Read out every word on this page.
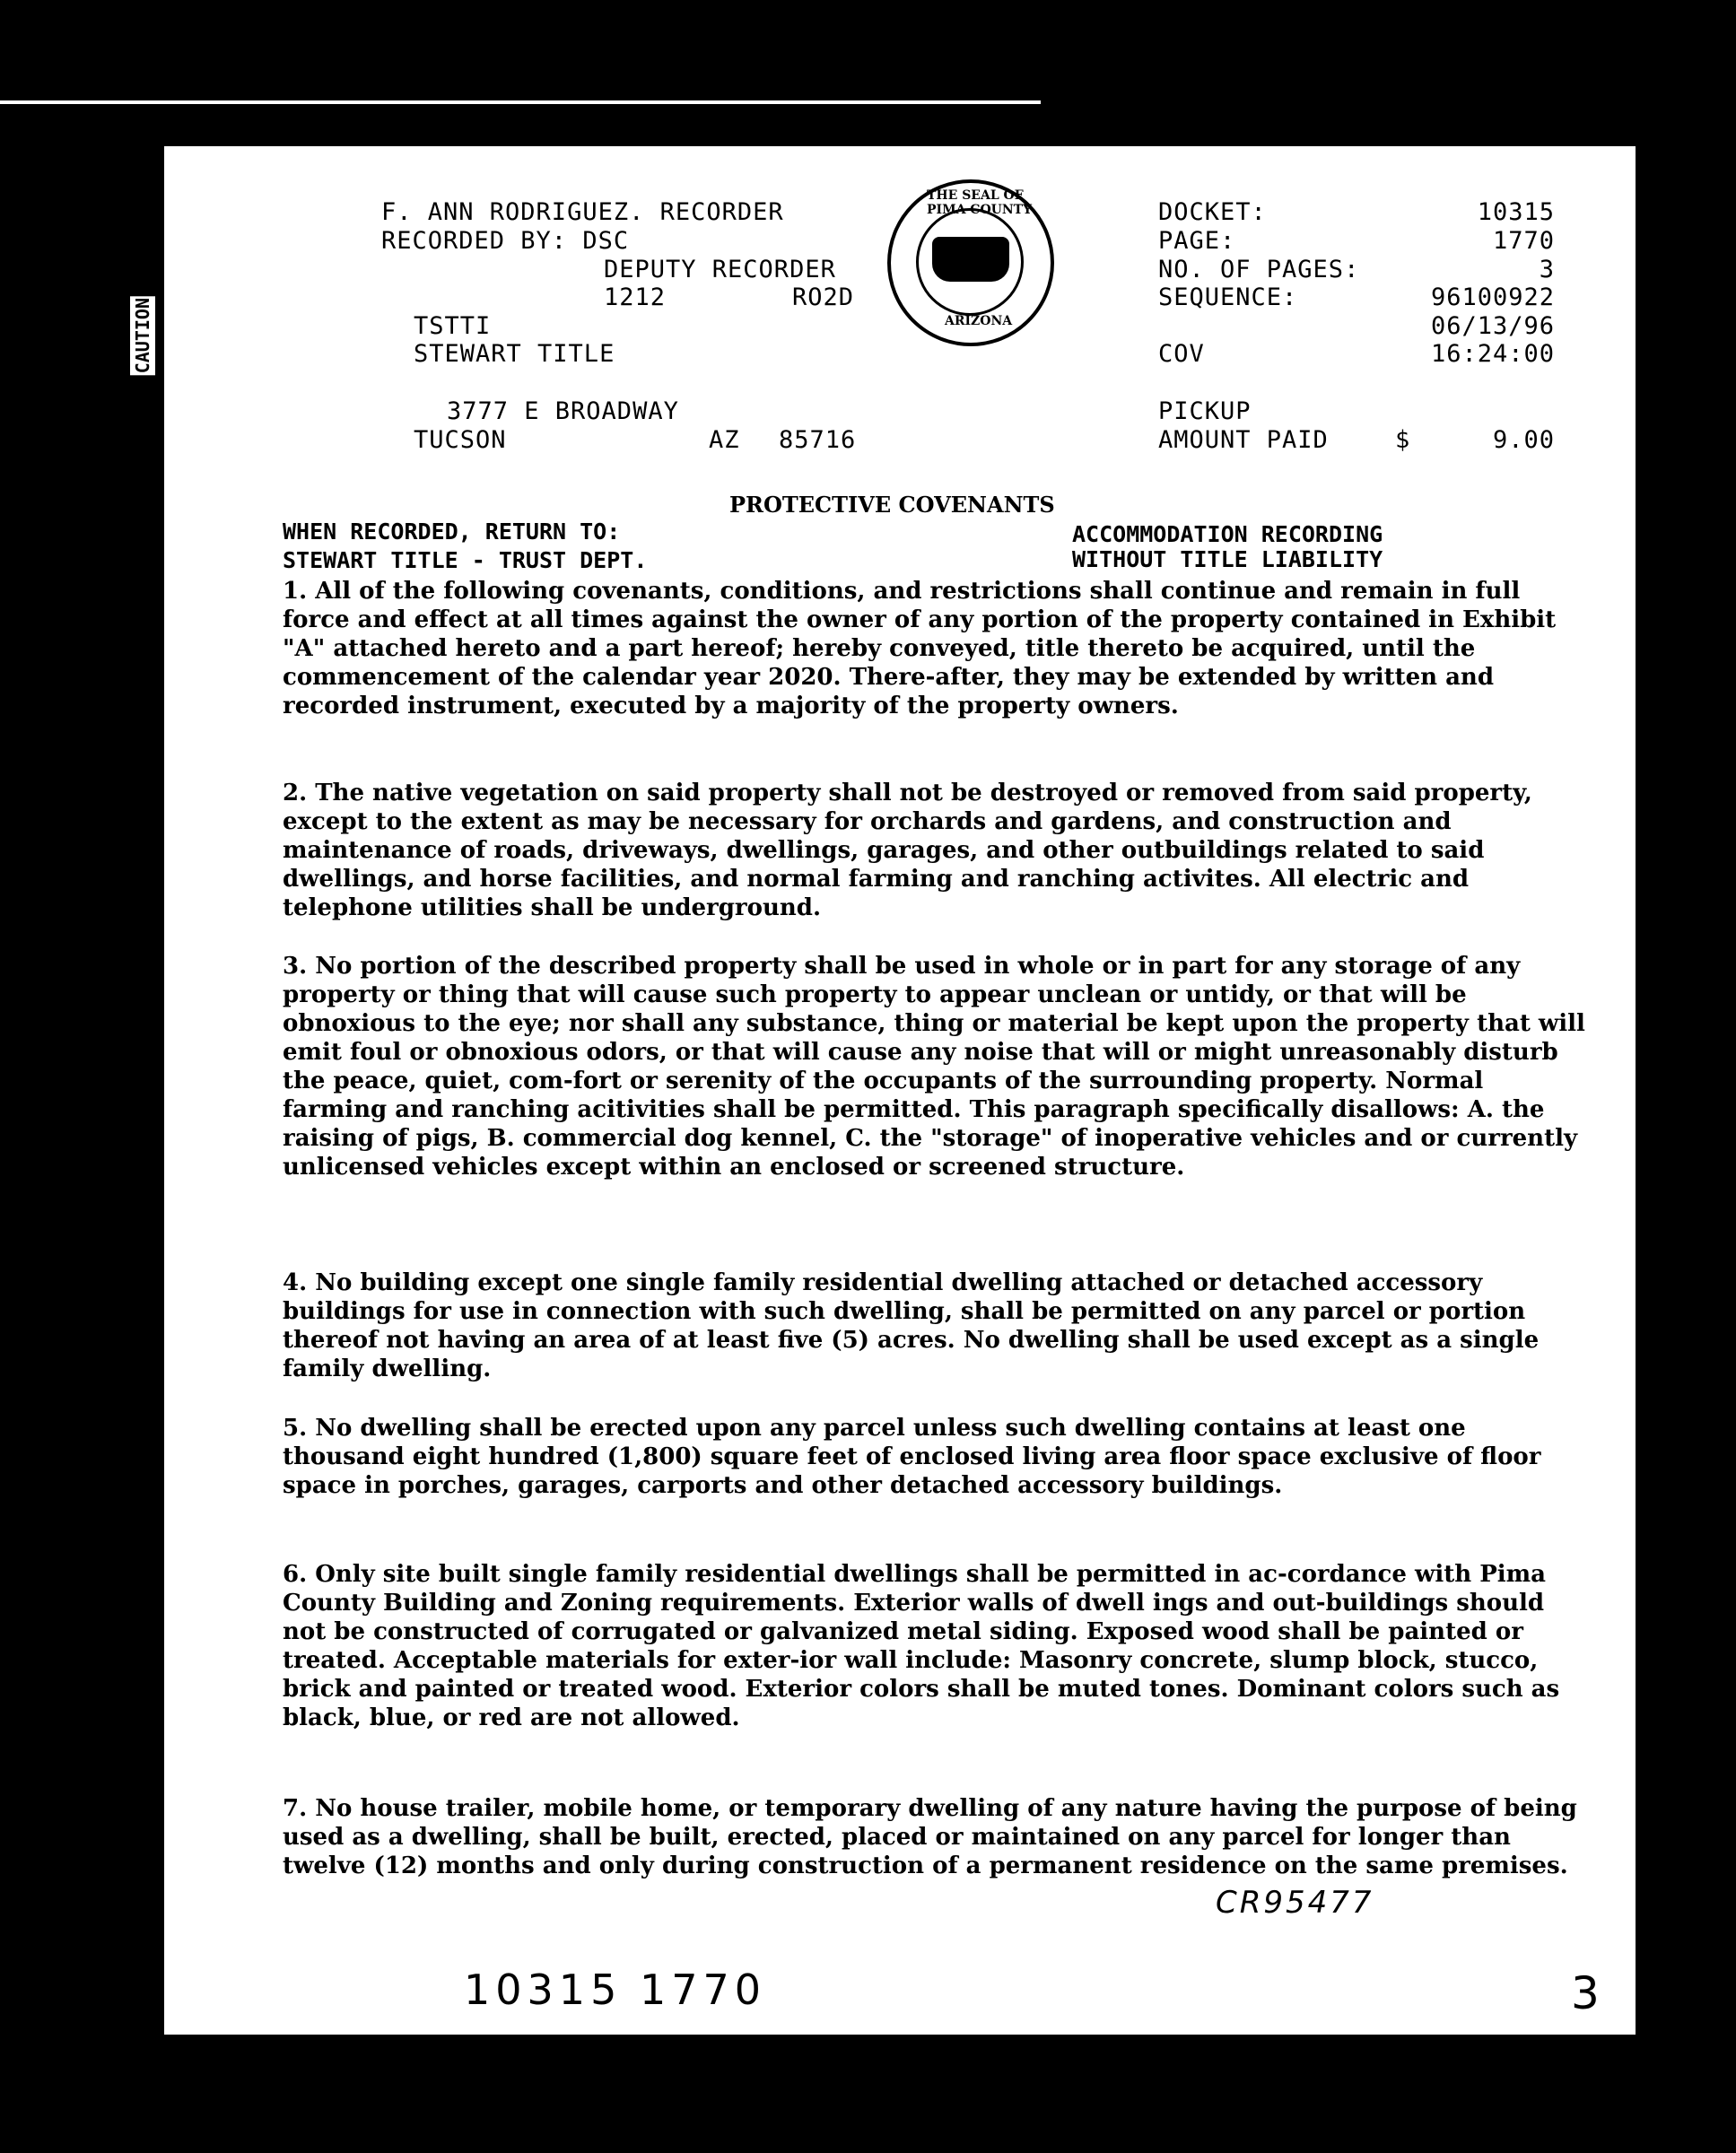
CAUTION
F. ANN RODRIGUEZ. RECORDER
RECORDED BY: DSC
DEPUTY RECORDER
1212	RO2D
TSTTI
STEWART TITLE
3777 E BROADWAY
TUCSON	AZ 85716
THE SEAL OF PIMA COUNTY
ARIZONA
DOCKET:	10315
PAGE:	1770
NO. OF PAGES:	3
SEQUENCE:	96100922
06/13/96
COV	16:24:00
PICKUP
AMOUNT PAID	$	9.00
PROTECTIVE COVENANTS
WHEN RECORDED, RETURN TO:
STEWART TITLE - TRUST DEPT.
ACCOMMODATION RECORDING
WITHOUT TITLE LIABILITY
1. All of the following covenants, conditions, and restrictions shall continue and remain in full force and effect at all times against the owner of any portion of the property contained in Exhibit "A" attached hereto and a part hereof; hereby conveyed, title thereto be acquired, until the commencement of the calendar year 2020. There-after, they may be extended by written and recorded instrument, executed by a majority of the property owners.
2. The native vegetation on said property shall not be destroyed or removed from said property, except to the extent as may be necessary for orchards and gardens, and construction and maintenance of roads, driveways, dwellings, garages, and other outbuildings related to said dwellings, and horse facilities, and normal farming and ranching activites. All electric and telephone utilities shall be underground.
3. No portion of the described property shall be used in whole or in part for any storage of any property or thing that will cause such property to appear unclean or untidy, or that will be obnoxious to the eye; nor shall any substance, thing or material be kept upon the property that will emit foul or obnoxious odors, or that will cause any noise that will or might unreasonably disturb the peace, quiet, com-fort or serenity of the occupants of the surrounding property. Normal farming and ranching acitivities shall be permitted. This paragraph specifically disallows: A. the raising of pigs, B. commercial dog kennel, C. the "storage" of inoperative vehicles and or currently unlicensed vehicles except within an enclosed or screened structure.
4. No building except one single family residential dwelling attached or detached accessory buildings for use in connection with such dwelling, shall be permitted on any parcel or portion thereof not having an area of at least five (5) acres. No dwelling shall be used except as a single family dwelling.
5. No dwelling shall be erected upon any parcel unless such dwelling contains at least one thousand eight hundred (1,800) square feet of enclosed living area floor space exclusive of floor space in porches, garages, carports and other detached accessory buildings.
6. Only site built single family residential dwellings shall be permitted in ac-cordance with Pima County Building and Zoning requirements. Exterior walls of dwell ings and out-buildings should not be constructed of corrugated or galvanized metal siding. Exposed wood shall be painted or treated. Acceptable materials for exter-ior wall include: Masonry concrete, slump block, stucco, brick and painted or treated wood. Exterior colors shall be muted tones. Dominant colors such as black, blue, or red are not allowed.
7. No house trailer, mobile home, or temporary dwelling of any nature having the purpose of being used as a dwelling, shall be built, erected, placed or maintained on any parcel for longer than twelve (12) months and only during construction of a permanent residence on the same premises.
CR95477
10315 1770	3
